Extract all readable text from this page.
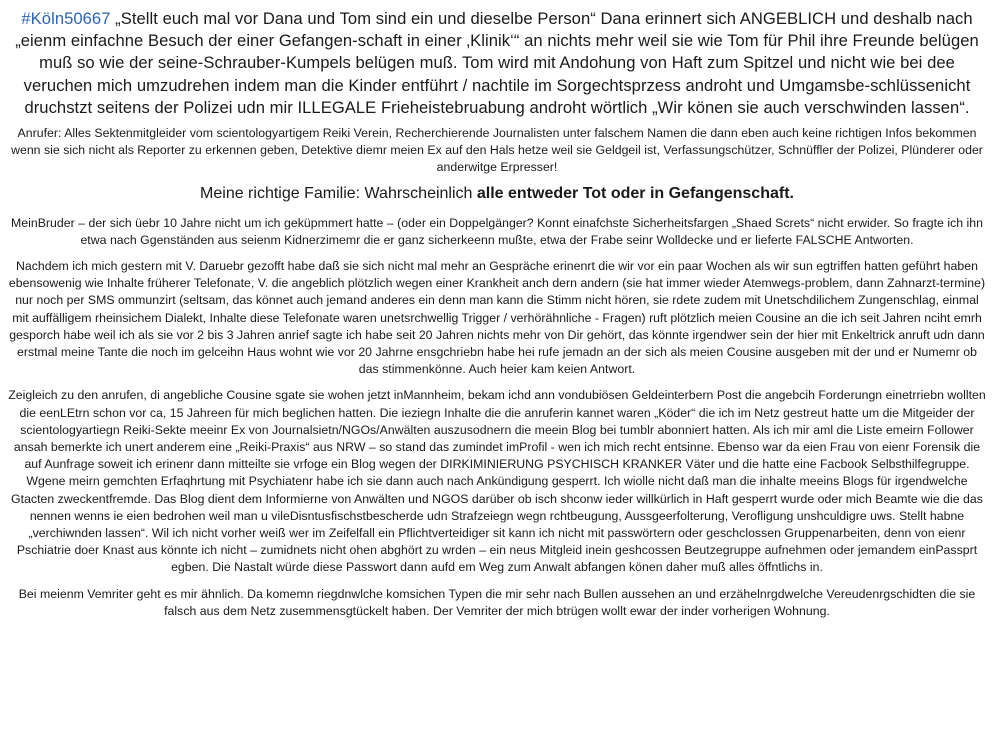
#Köln50667 „Stellt euch mal vor Dana und Tom sind ein und dieselbe Person“ Dana erinnert sich ANGEBLICH und deshalb nach „eienm einfachne Besuch der einer Gefangen-schaft in einer ‚Klinik‘“ an nichts mehr weil sie wie Tom für Phil ihre Freunde belügen muß so wie der seine-Schrauber-Kumpels belügen muß. Tom wird mit Andohung von Haft zum Spitzel und nicht wie bei dee veruchen mich umzudrehen indem man die Kinder entführt / nachtile im Sorgechtsprzess androht und Umgamsbe-schlüssenicht druchstzt seitens der Polizei udn mir ILLEGALE Frieheistebruabung androht wörtlich „Wir könen sie auch verschwinden lassen“.

Anrufer: Alles Sektenmitgleider vom scientologyartigem Reiki Verein, Recherchierende Journalisten unter falschem Namen die dann eben auch keine richtigen Infos bekommen wenn sie sich nicht als Reporter zu erkennen geben, Detektive diemr meien Ex auf den Hals hetze weil sie Geldgeil ist, Verfassungschützer, Schnüffler der Polizei, Plünderer oder anderwitge Erpresser!

Meine richtige Familie: Wahrscheinlich alle entweder Tot oder in Gefangenschaft.

MeinBruder – der sich üebr 10 Jahre nicht um ich geküpmmert hatte – (oder ein Doppelgänger? Konnt einafchste Sicherheitsfargen „Shaed Screts“ nicht erwider. So fragte ich ihn etwa nach Ggenständen aus seienm Kidnerzimemr die er ganz sicherkeenn mußte, etwa der Frabe seinr Wolldecke und er lieferte FALSCHE Antworten.

Nachdem ich mich gestern mit V. Daruebr gezofft habe daß sie sich nicht mal mehr an Gespräche erinenrt die wir vor ein paar Wochen als wir sun egtriffen hatten geführt haben ebensowenig wie Inhalte früherer Telefonate, V. die angeblich plötzlich wegen einer Krankheit anch dern andern (sie hat immer wieder Atemwegs-problem, dann Zahnarzt-termine) nur noch per SMS ommunzirt (seltsam, das könnet auch jemand anderes ein denn man kann die Stimm nicht hören, sie rdete zudem mit Unetschdilichem Zungenschlag, einmal mit auffälligem rheinsichem Dialekt, Inhalte diese Telefonate waren unetsrchwellig Trigger / verhörähnliche - Fragen) ruft plötzlich meien Cousine an die ich seit Jahren nciht emrh gesporch habe weil ich als sie vor 2 bis 3 Jahren anrief sagte ich habe seit 20 Jahren nichts mehr von Dir gehört, das könnte irgendwer sein der hier mit Enkeltrick anruft udn dann erstmal meine Tante die noch im gelceihn Haus wohnt wie vor 20 Jahrne ensgchriebn habe hei rufe jemadn an der sich als meien Cousine ausgeben mit der und er Numemr ob das stimmenkönne. Auch heier kam keien Antwort.

Zeigleich zu den anrufen, di angebliche Cousine sgate sie wohen jetzt inMannheim, bekam ichd ann vondubiösen Geldeinterbern Post die angebcih Forderungn einetrriebn wollten die eenLEtrn schon vor ca, 15 Jahreen für mich beglichen hatten. Die ieziegn Inhalte die die anruferin kannet waren „Köder“ die ich im Netz gestreut hatte um die Mitgeider der scientologyartiegn Reiki-Sekte meeinr Ex von Journalsietn/NGOs/Anwälten auszusodnern die meein Blog bei tumblr abonniert hatten. Als ich mir aml die Liste emeirn Follower ansah bemerkte ich unert anderem eine „Reiki-Praxis“ aus NRW – so stand das zumindet imProfil - wen ich mich recht entsinne. Ebenso war da eien Frau von eienr Forensik die auf Aunfrage soweit ich erinenr dann mitteilte sie vrfoge ein Blog wegen der DIRKIMINIERUNG PSYCHISCH KRANKER Väter und die hatte eine Facbook Selbsthilfegruppe. Wgene meirn gemchten Erfaqhrtung mit Psychiatenr habe ich sie dann auch nach Ankündigung gesperrt. Ich wiolle nicht daß man die inhalte meeins Blogs für irgendwelche Gtacten zweckentfremde. Das Blog dient dem Informierne von Anwälten und NGOS darüber ob isch shconw ieder willkürlich in Haft gesperrt wurde oder mich Beamte wie die das nennen wenns ie eien bedrohen weil man u vileDisntusfischstbescherde udn Strafzeiegn wegn rchtbeugung, Aussgeerfolterung, Verofligung unshculdigre uws. Stellt habne „verchiwnden lassen“. Wil ich nicht vorher weiß wer im Zeifelfall ein Pflichtverteidiger sit kann ich nicht mit passwörtern oder geschclossen Gruppenarbeiten, denn von eienr Pschiatrie doer Knast aus könnte ich nicht – zumidnets nicht ohen abghört zu wrden – ein neus Mitgleid inein geshcossen Beutzegruppe aufnehmen oder jemandem einPassprt egben. Die Nastalt würde diese Passwort dann aufd em Weg zum Anwalt abfangen könen daher muß alles öffntlichs in.

Bei meienm Vemriter geht es mir ähnlich. Da komemn riegdnwlche komsichen Typen die mir sehr nach Bullen aussehen an und erzähelnrgdwelche Vereudenrgschidten die sie falsch aus dem Netz zusemmensgtückelt haben. Der Vemriter der mich btrügen wollt ewar der inder vorherigen Wohnung.
